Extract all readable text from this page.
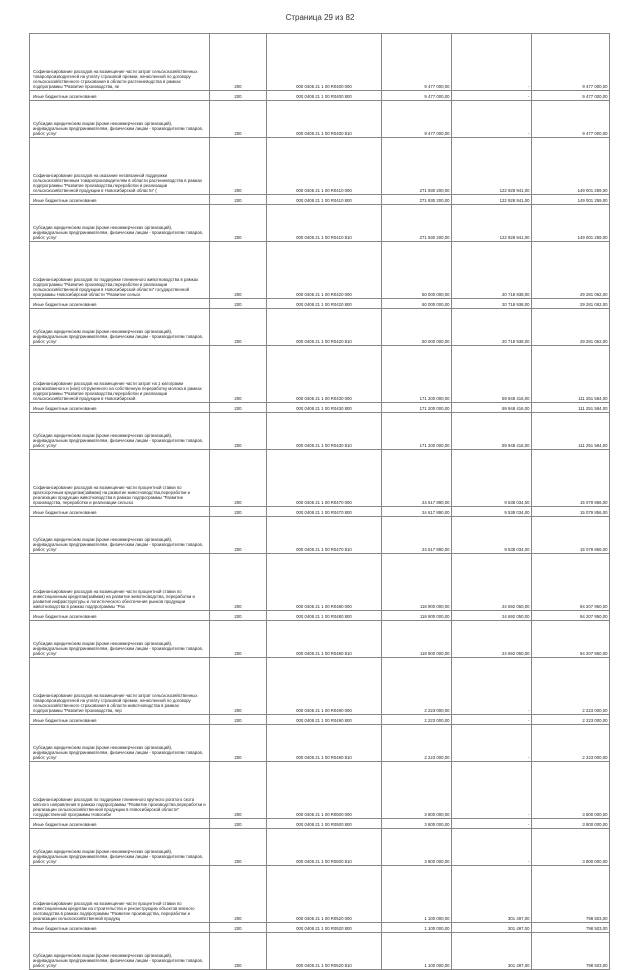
Страница 29 из 82
Софинансирование расходов на возмещение части затрат сельскохозяйственных товаропроизводителей на уплату страховой премии, начисленной по договору сельскохозяйственного страхования в области растениеводства в рамках подпрограммы "Развитие производства, пе	200	000 0405 21 1 00 R0400 000	9 477 000,00	-	9 477 000,00
Иные бюджетные ассигнования	200	000 0405 21 1 00 R0400 800	9 477 000,00	-	9 477 000,00
Субсидии юридическим лицам (кроме некоммерческих организаций), индивидуальным предпринимателям, физическим лицам - производителям товаров, работ, услуг	200	000 0405 21 1 00 R0400 810	9 477 000,00	-	9 477 000,00
Софинансирование расходов на оказание несвязанной поддержки сельскохозяйственным товаропроизводителям в области растениеводства в рамках подпрограммы "Развитие производства,переработки и реализации сельскохозяйственной продукции в Новосибирской области" (	200	000 0405 21 1 00 R0410 000	271 930 200,00	122 928 941,00	149 001 259,00
Иные бюджетные ассигнования	200	000 0405 21 1 00 R0410 800	271 930 200,00	122 928 941,00	149 001 259,00
Субсидии юридическим лицам (кроме некоммерческих организаций), индивидуальным предпринимателям, физическим лицам - производителям товаров, работ, услуг	200	000 0405 21 1 00 R0410 810	271 930 200,00	122 928 941,00	149 001 259,00
Софинансирование расходов по поддержке племенного животноводства в рамках подпрограммы "Развитие производства,переработки и реализации сельскохозяйственной продукции в Новосибирской области" государственной программы Новосибирской области "Развитие сельск	200	000 0405 21 1 00 R0420 000	50 000 000,00	20 718 938,00	29 281 062,00
Иные бюджетные ассигнования	200	000 0405 21 1 00 R0420 800	50 000 000,00	20 718 938,00	29 281 062,00
Субсидии юридическим лицам (кроме некоммерческих организаций), индивидуальным предпринимателям, физическим лицам - производителям товаров, работ, услуг	200	000 0405 21 1 00 R0420 810	50 000 000,00	20 718 938,00	29 281 062,00
Софинансирование расходов на возмещение части затрат на 1 килограмм реализованного и (или) отгруженного на собственную переработку молока в рамках подпрограммы "Развитие производства,переработки и реализации сельскохозяйственной продукции в Новосибирской	200	000 0405 21 1 00 R0430 000	171 200 000,00	59 948 416,00	111 251 584,00
Иные бюджетные ассигнования	200	000 0405 21 1 00 R0430 800	171 200 000,00	59 948 416,00	111 251 584,00
Субсидии юридическим лицам (кроме некоммерческих организаций), индивидуальным предпринимателям, физическим лицам - производителям товаров, работ, услуг	200	000 0405 21 1 00 R0430 810	171 200 000,00	59 948 416,00	111 251 584,00
Софинансирование расходов на возмещение части процентной ставки по краткосрочным кредитам(займам) на развитие животноводства,переработки и реализации продукции животноводства в рамках подпрограммы "Развитие производства, переработки и реализации сельско	200	000 0405 21 1 00 R0470 000	24 617 890,00	9 538 034,00	15 079 856,00
Иные бюджетные ассигнования	200	000 0405 21 1 00 R0470 800	24 617 890,00	9 538 034,00	15 079 856,00
Субсидии юридическим лицам (кроме некоммерческих организаций), индивидуальным предпринимателям, физическим лицам - производителям товаров, работ, услуг	200	000 0405 21 1 00 R0470 810	24 617 890,00	9 538 034,00	15 079 856,00
Софинансирование расходов на возмещение части процентной ставки по инвестиционным кредитам(займам) на развитие животноводства, переработки и развития инфраструктуры и логистического обеспечения рынков продукции животноводства в рамках подпрограммы "Раз	200	000 0405 21 1 00 R0480 000	118 900 000,00	24 692 050,00	94 207 950,00
Иные бюджетные ассигнования	200	000 0405 21 1 00 R0480 800	118 900 000,00	24 692 050,00	94 207 950,00
Субсидии юридическим лицам (кроме некоммерческих организаций), индивидуальным предпринимателям, физическим лицам - производителям товаров, работ, услуг	200	000 0405 21 1 00 R0480 810	118 900 000,00	24 692 050,00	94 207 950,00
Софинансирование расходов на возмещение части затрат сельскохозяйственных товаропроизводителей на уплату страховой премии, начисленной по договору сельскохозяйственного страхования в области животноводства в рамках подпрограммы "Развитие производства, пер	200	000 0405 21 1 00 R0490 000	2 223 000,00	-	2 223 000,00
Иные бюджетные ассигнования	200	000 0405 21 1 00 R0490 800	2 223 000,00	-	2 223 000,00
Субсидии юридическим лицам (кроме некоммерческих организаций), индивидуальным предпринимателям, физическим лицам - производителям товаров, работ, услуг	200	000 0405 21 1 00 R0490 810	2 223 000,00	-	2 223 000,00
Софинансирование расходов по поддержке племенного крупного рогатого скота мясного направления в рамках подпрограммы "Развитие производства,переработки и реализации сельскохозяйственной продукции в Новосибирской области" государственной программы Новосиби	200	000 0405 21 1 00 R0500 000	3 800 000,00	-	3 800 000,00
Иные бюджетные ассигнования	200	000 0405 21 1 00 R0500 800	3 800 000,00	-	3 800 000,00
Субсидии юридическим лицам (кроме некоммерческих организаций), индивидуальным предпринимателям, физическим лицам - производителям товаров, работ, услуг	200	000 0405 21 1 00 R0500 810	3 800 000,00	-	3 800 000,00
Софинансирование расходов на возмещение части процентной ставки по инвестиционным кредитам на строительство и реконструкцию объектов мясного скотоводства в рамках подпрограммы "Развитие производства, переработки и реализации сельскохозяйственной продукц	200	000 0405 21 1 00 R0520 000	1 100 000,00	301 497,00	798 503,00
Иные бюджетные ассигнования	200	000 0405 21 1 00 R0520 800	1 100 000,00	301 497,00	798 503,00
Субсидии юридическим лицам (кроме некоммерческих организаций), индивидуальным предпринимателям, физическим лицам - производителям товаров, работ, услуг	200	000 0405 21 1 00 R0520 810	1 100 000,00	301 497,00	798 503,00
